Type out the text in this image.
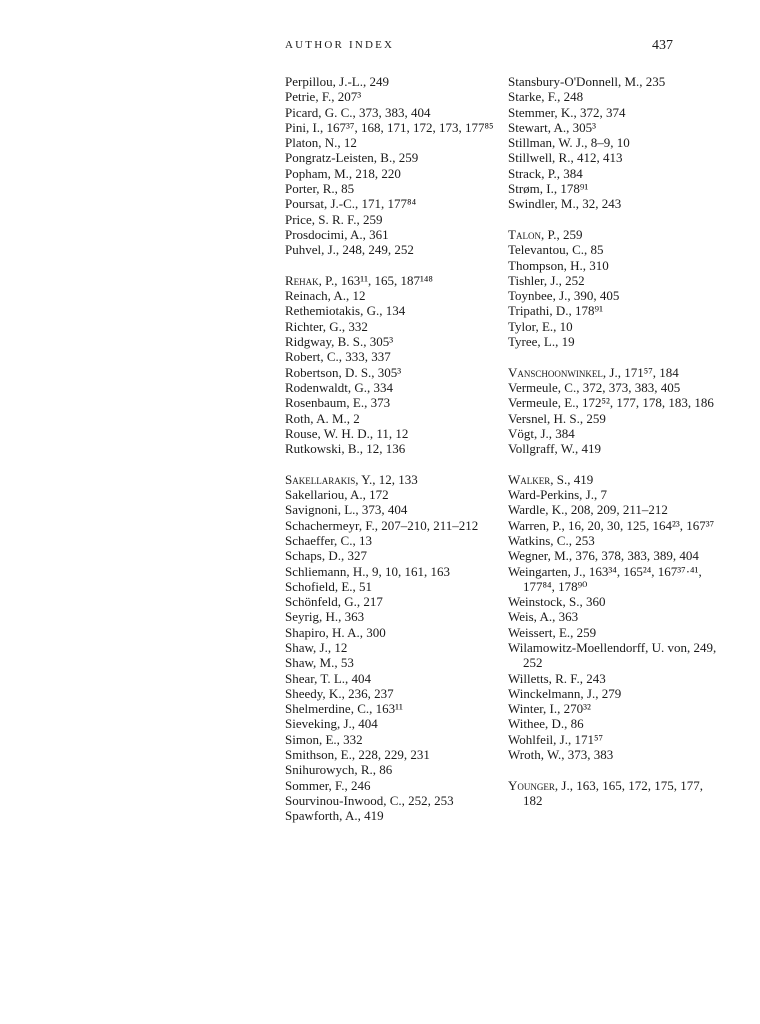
AUTHOR INDEX	437
Perpillou, J.-L., 249
Petrie, F., 207³
Picard, G. C., 373, 383, 404
Pini, I., 167³⁷, 168, 171, 172, 173, 177⁸⁵
Platon, N., 12
Pongratz-Leisten, B., 259
Popham, M., 218, 220
Porter, R., 85
Poursat, J.-C., 171, 177⁸⁴
Price, S. R. F., 259
Prosdocimi, A., 361
Puhvel, J., 248, 249, 252
Rehak, P., 163¹¹, 165, 187¹⁴⁸
Reinach, A., 12
Rethemiotakis, G., 134
Richter, G., 332
Ridgway, B. S., 305³
Robert, C., 333, 337
Robertson, D. S., 305³
Rodenwaldt, G., 334
Rosenbaum, E., 373
Roth, A. M., 2
Rouse, W. H. D., 11, 12
Rutkowski, B., 12, 136
Sakellarakis, Y., 12, 133
Sakellariou, A., 172
Savignoni, L., 373, 404
Schachermeyr, F., 207–210, 211–212
Schaeffer, C., 13
Schaps, D., 327
Schliemann, H., 9, 10, 161, 163
Schofield, E., 51
Schönfeld, G., 217
Seyrig, H., 363
Shapiro, H. A., 300
Shaw, J., 12
Shaw, M., 53
Shear, T. L., 404
Sheedy, K., 236, 237
Shelmerdine, C., 163¹¹
Sieveking, J., 404
Simon, E., 332
Smithson, E., 228, 229, 231
Snihurowych, R., 86
Sommer, F., 246
Sourvinou-Inwood, C., 252, 253
Spawforth, A., 419
Stansbury-O'Donnell, M., 235
Starke, F., 248
Stemmer, K., 372, 374
Stewart, A., 305³
Stillman, W. J., 8–9, 10
Stillwell, R., 412, 413
Strack, P., 384
Strøm, I., 178⁹¹
Swindler, M., 32, 243
Talon, P., 259
Televantou, C., 85
Thompson, H., 310
Tishler, J., 252
Toynbee, J., 390, 405
Tripathi, D., 178⁹¹
Tylor, E., 10
Tyree, L., 19
Vanschoonwinkel, J., 171⁵⁷, 184
Vermeule, C., 372, 373, 383, 405
Vermeule, E., 172⁵², 177, 178, 183, 186
Versnel, H. S., 259
Vögt, J., 384
Vollgraff, W., 419
Walker, S., 419
Ward-Perkins, J., 7
Wardle, K., 208, 209, 211–212
Warren, P., 16, 20, 30, 125, 164²³, 167³⁷
Watkins, C., 253
Wegner, M., 376, 378, 383, 389, 404
Weingarten, J., 163³⁴, 165²⁴, 167³⁷·⁴¹, 177⁸⁴, 178⁹⁰
Weinstock, S., 360
Weis, A., 363
Weissert, E., 259
Wilamowitz-Moellendorff, U. von, 249, 252
Willetts, R. F., 243
Winckelmann, J., 279
Winter, I., 270³²
Withee, D., 86
Wohlfeil, J., 171⁵⁷
Wroth, W., 373, 383
Younger, J., 163, 165, 172, 175, 177, 182
